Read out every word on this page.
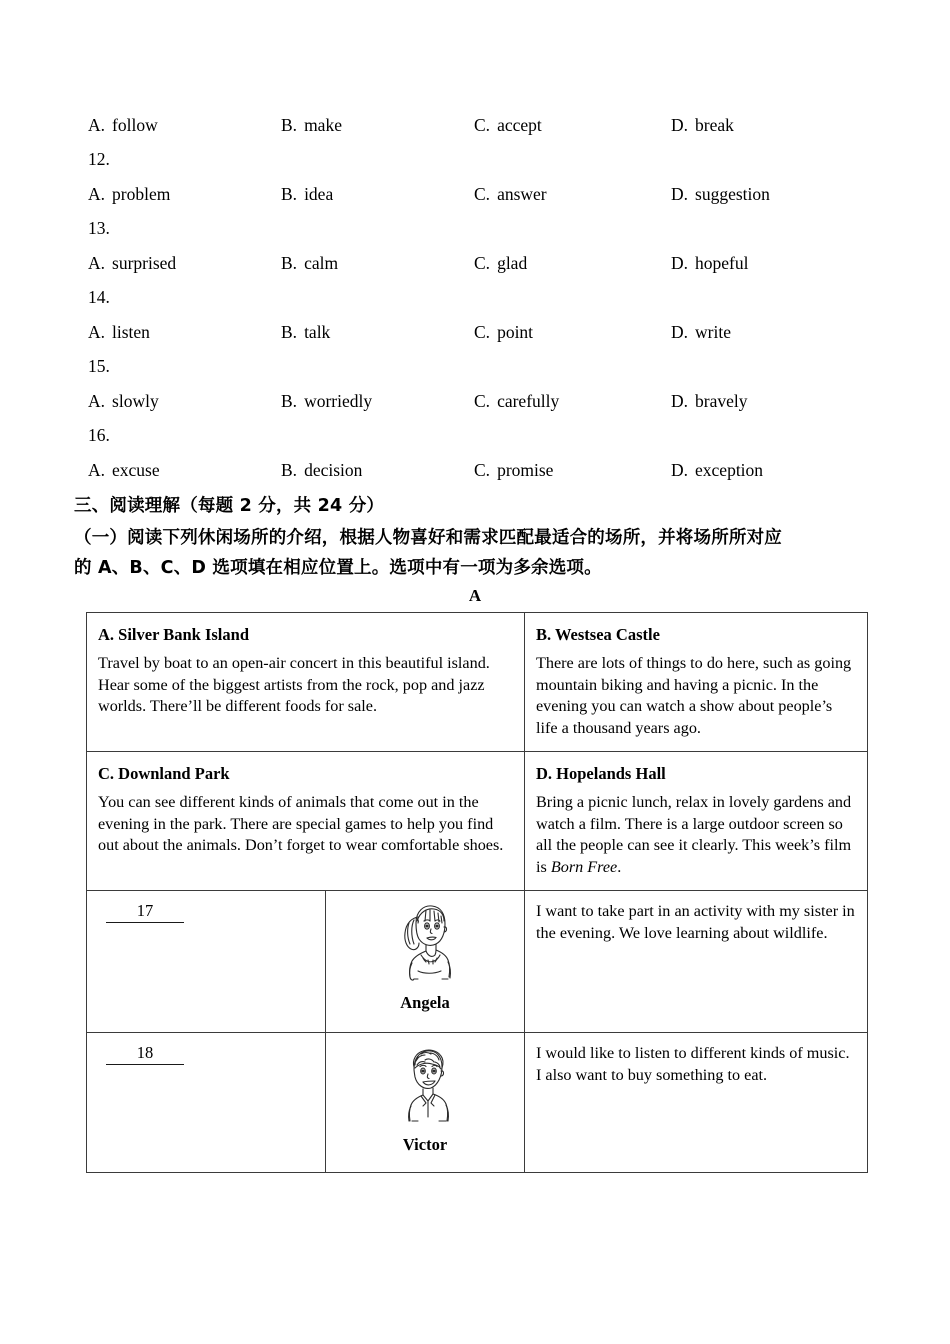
A. follow	B. make	C. accept	D. break
12.
A. problem	B. idea	C. answer	D. suggestion
13.
A. surprised	B. calm	C. glad	D. hopeful
14.
A. listen	B. talk	C. point	D. write
15.
A. slowly	B. worriedly	C. carefully	D. bravely
16.
A. excuse	B. decision	C. promise	D. exception
三、阅读理解（每题 2 分，共 24 分）
（一）阅读下列休闲场所的介绍，根据人物喜好和需求匹配最适合的场所，并将场所所对应
的 A、B、C、D 选项填在相应位置上。选项中有一项为多余选项。
A
A. Silver Bank Island
Travel by boat to an open-air concert in this beautiful island. Hear some of the biggest artists from the rock, pop and jazz worlds. There’ll be different foods for sale.

B. Westsea Castle
There are lots of things to do here, such as going mountain biking and having a picnic. In the evening you can watch a show about people’s life a thousand years ago.

C. Downland Park
You can see different kinds of animals that come out in the evening in the park. There are special games to help you find out about the animals. Don’t forget to wear comfortable shoes.

D. Hopelands Hall
Bring a picnic lunch, relax in lovely gardens and watch a film. There is a large outdoor screen so all the people can see it clearly. This week’s film is Born Free.

17	Angela	I want to take part in an activity with my sister in the evening. We love learning about wildlife.
18	Victor	I would like to listen to different kinds of music. I also want to buy something to eat.
